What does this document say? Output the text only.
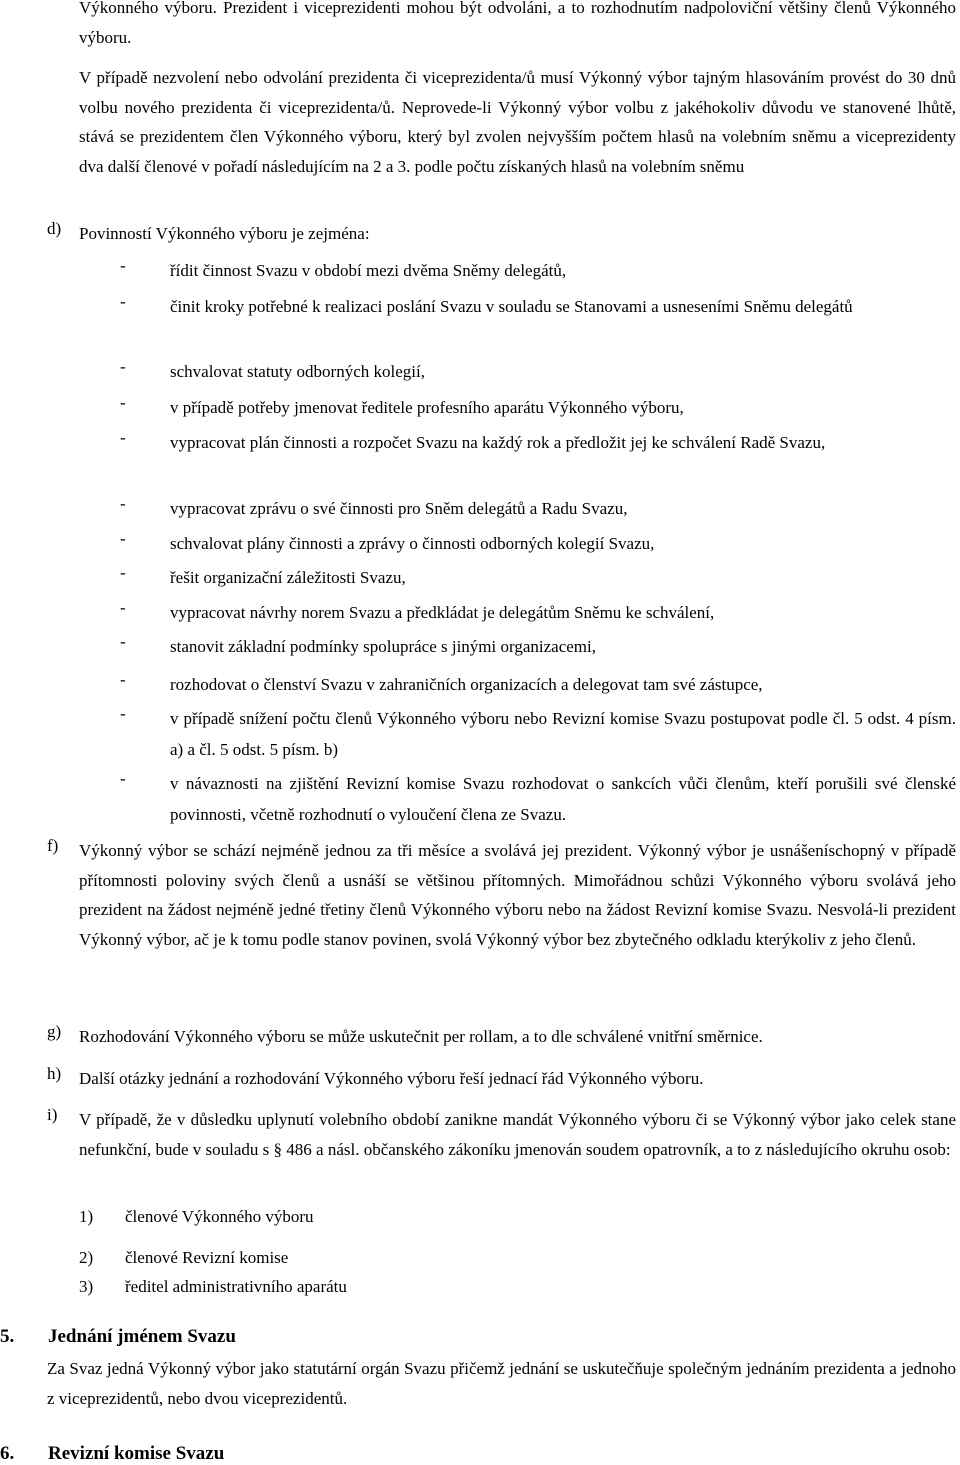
Výkonného výboru. Prezident i viceprezidenti mohou být odvoláni, a to rozhodnutím nadpoloviční většiny členů Výkonného výboru.

V případě nezvolení nebo odvolání prezidenta či viceprezidenta/ů musí Výkonný výbor tajným hlasováním provést do 30 dnů volbu nového prezidenta či viceprezidenta/ů. Neprovede-li Výkonný výbor volbu z jakéhokoliv důvodu ve stanovené lhůtě, stává se prezidentem člen Výkonného výboru, který byl zvolen nejvyšším počtem hlasů na volebním sněmu a viceprezidenty dva další členové v pořadí následujícím na 2 a 3. podle počtu získaných hlasů na volebním sněmu

d)	Povinností Výkonného výboru je zejména:
-	řídit činnost Svazu v období mezi dvěma Sněmy delegátů,
-	činit kroky potřebné k realizaci poslání Svazu v souladu se Stanovami a usneseními Sněmu delegátů
-	schvalovat statuty odborných kolegií,
-	v případě potřeby jmenovat ředitele profesního aparátu Výkonného výboru,
-	vypracovat plán činnosti a rozpočet Svazu na každý rok a předložit jej ke schválení Radě Svazu,
-	vypracovat zprávu o své činnosti pro Sněm delegátů a Radu Svazu,
-	schvalovat plány činnosti a zprávy o činnosti odborných kolegií Svazu,
-	řešit organizační záležitosti Svazu,
-	vypracovat návrhy norem Svazu a předkládat je delegátům Sněmu ke schválení,
-	stanovit základní podmínky spolupráce s jinými organizacemi,
-	rozhodovat o členství Svazu v zahraničních organizacích a delegovat tam své zástupce,
-	v případě snížení počtu členů Výkonného výboru nebo Revizní komise Svazu postupovat podle čl. 5 odst. 4 písm. a) a čl. 5 odst. 5 písm. b)
-	v návaznosti na zjištění Revizní komise Svazu rozhodovat o sankcích vůči členům, kteří porušili své členské povinnosti, včetně rozhodnutí o vyloučení člena ze Svazu.
f)	Výkonný výbor se schází nejméně jednou za tři měsíce a svolává jej prezident. Výkonný výbor je usnášeníschopný v případě přítomnosti poloviny svých členů a usnáší se většinou přítomných. Mimořádnou schůzi Výkonného výboru svolává jeho prezident na žádost nejméně jedné třetiny členů Výkonného výboru nebo na žádost Revizní komise Svazu. Nesvolá-li prezident Výkonný výbor, ač je k tomu podle stanov povinen, svolá Výkonný výbor bez zbytečného odkladu kterýkoliv z jeho členů.
g)	Rozhodování Výkonného výboru se může uskutečnit per rollam, a to dle schválené vnitřní směrnice.
h)	Další otázky jednání a rozhodování Výkonného výboru řeší jednací řád Výkonného výboru.
i)	V případě, že v důsledku uplynutí volebního období zanikne mandát Výkonného výboru či se Výkonný výbor jako celek stane nefunkční, bude v souladu s § 486 a násl. občanského zákoníku jmenován soudem opatrovník, a to z následujícího okruhu osob:
1) členové Výkonného výboru
2) členové Revizní komise
3) ředitel administrativního aparátu
5. Jednání jménem Svazu

Za Svaz jedná Výkonný výbor jako statutární orgán Svazu přičemž jednání se uskutečňuje společným jednáním prezidenta a jednoho z viceprezidentů, nebo dvou viceprezidentů.

6. Revizní komise Svazu
